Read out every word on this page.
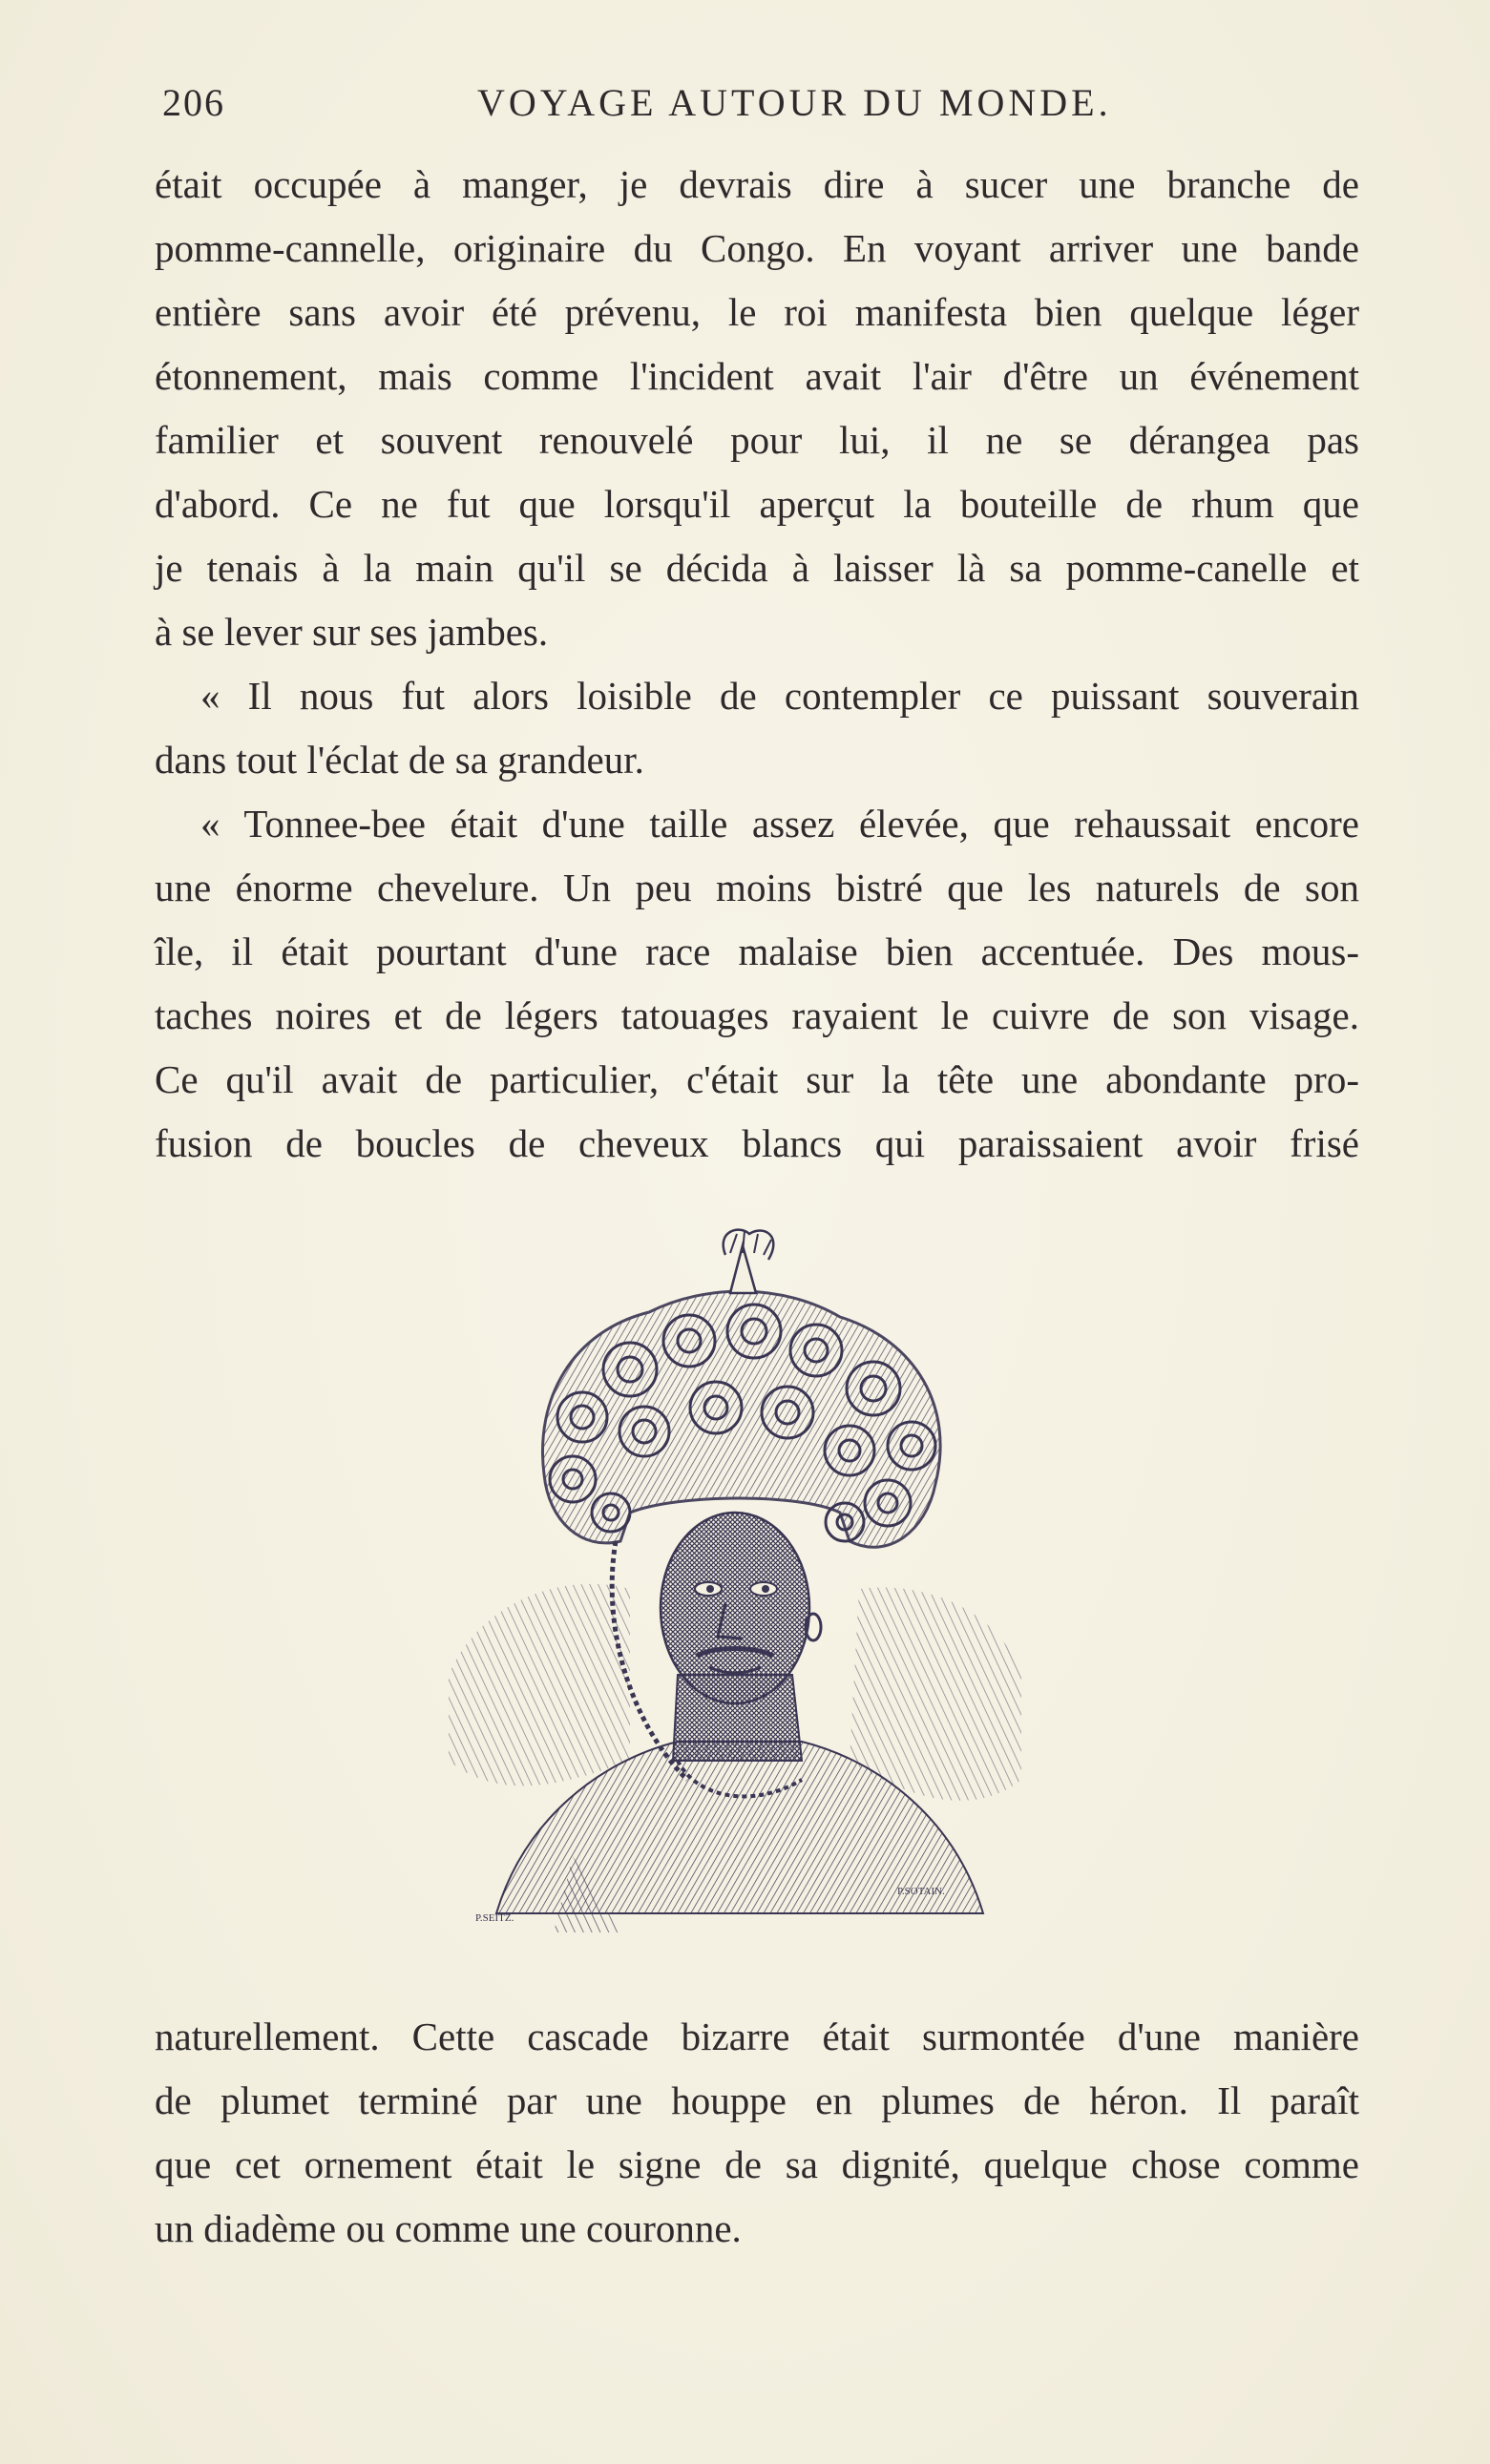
206	VOYAGE AUTOUR DU MONDE.
était occupée à manger, je devrais dire à sucer une branche de
pomme-cannelle, originaire du Congo. En voyant arriver une bande
entière sans avoir été prévenu, le roi manifesta bien quelque léger
étonnement, mais comme l'incident avait l'air d'être un événement
familier et souvent renouvelé pour lui, il ne se dérangea pas
d'abord. Ce ne fut que lorsqu'il aperçut la bouteille de rhum que
je tenais à la main qu'il se décida à laisser là sa pomme-canelle et
à se lever sur ses jambes.
« Il nous fut alors loisible de contempler ce puissant souverain
dans tout l'éclat de sa grandeur.
« Tonnee-bee était d'une taille assez élevée, que rehaussait encore
une énorme chevelure. Un peu moins bistré que les naturels de son
île, il était pourtant d'une race malaise bien accentuée. Des mous-
taches noires et de légers tatouages rayaient le cuivre de son visage.
Ce qu'il avait de particulier, c'était sur la tête une abondante pro-
fusion de boucles de cheveux blancs qui paraissaient avoir frisé
P.SEITZ.
P.SOTAIN.
naturellement. Cette cascade bizarre était surmontée d'une manière
de plumet terminé par une houppe en plumes de héron. Il paraît
que cet ornement était le signe de sa dignité, quelque chose comme
un diadème ou comme une couronne.
